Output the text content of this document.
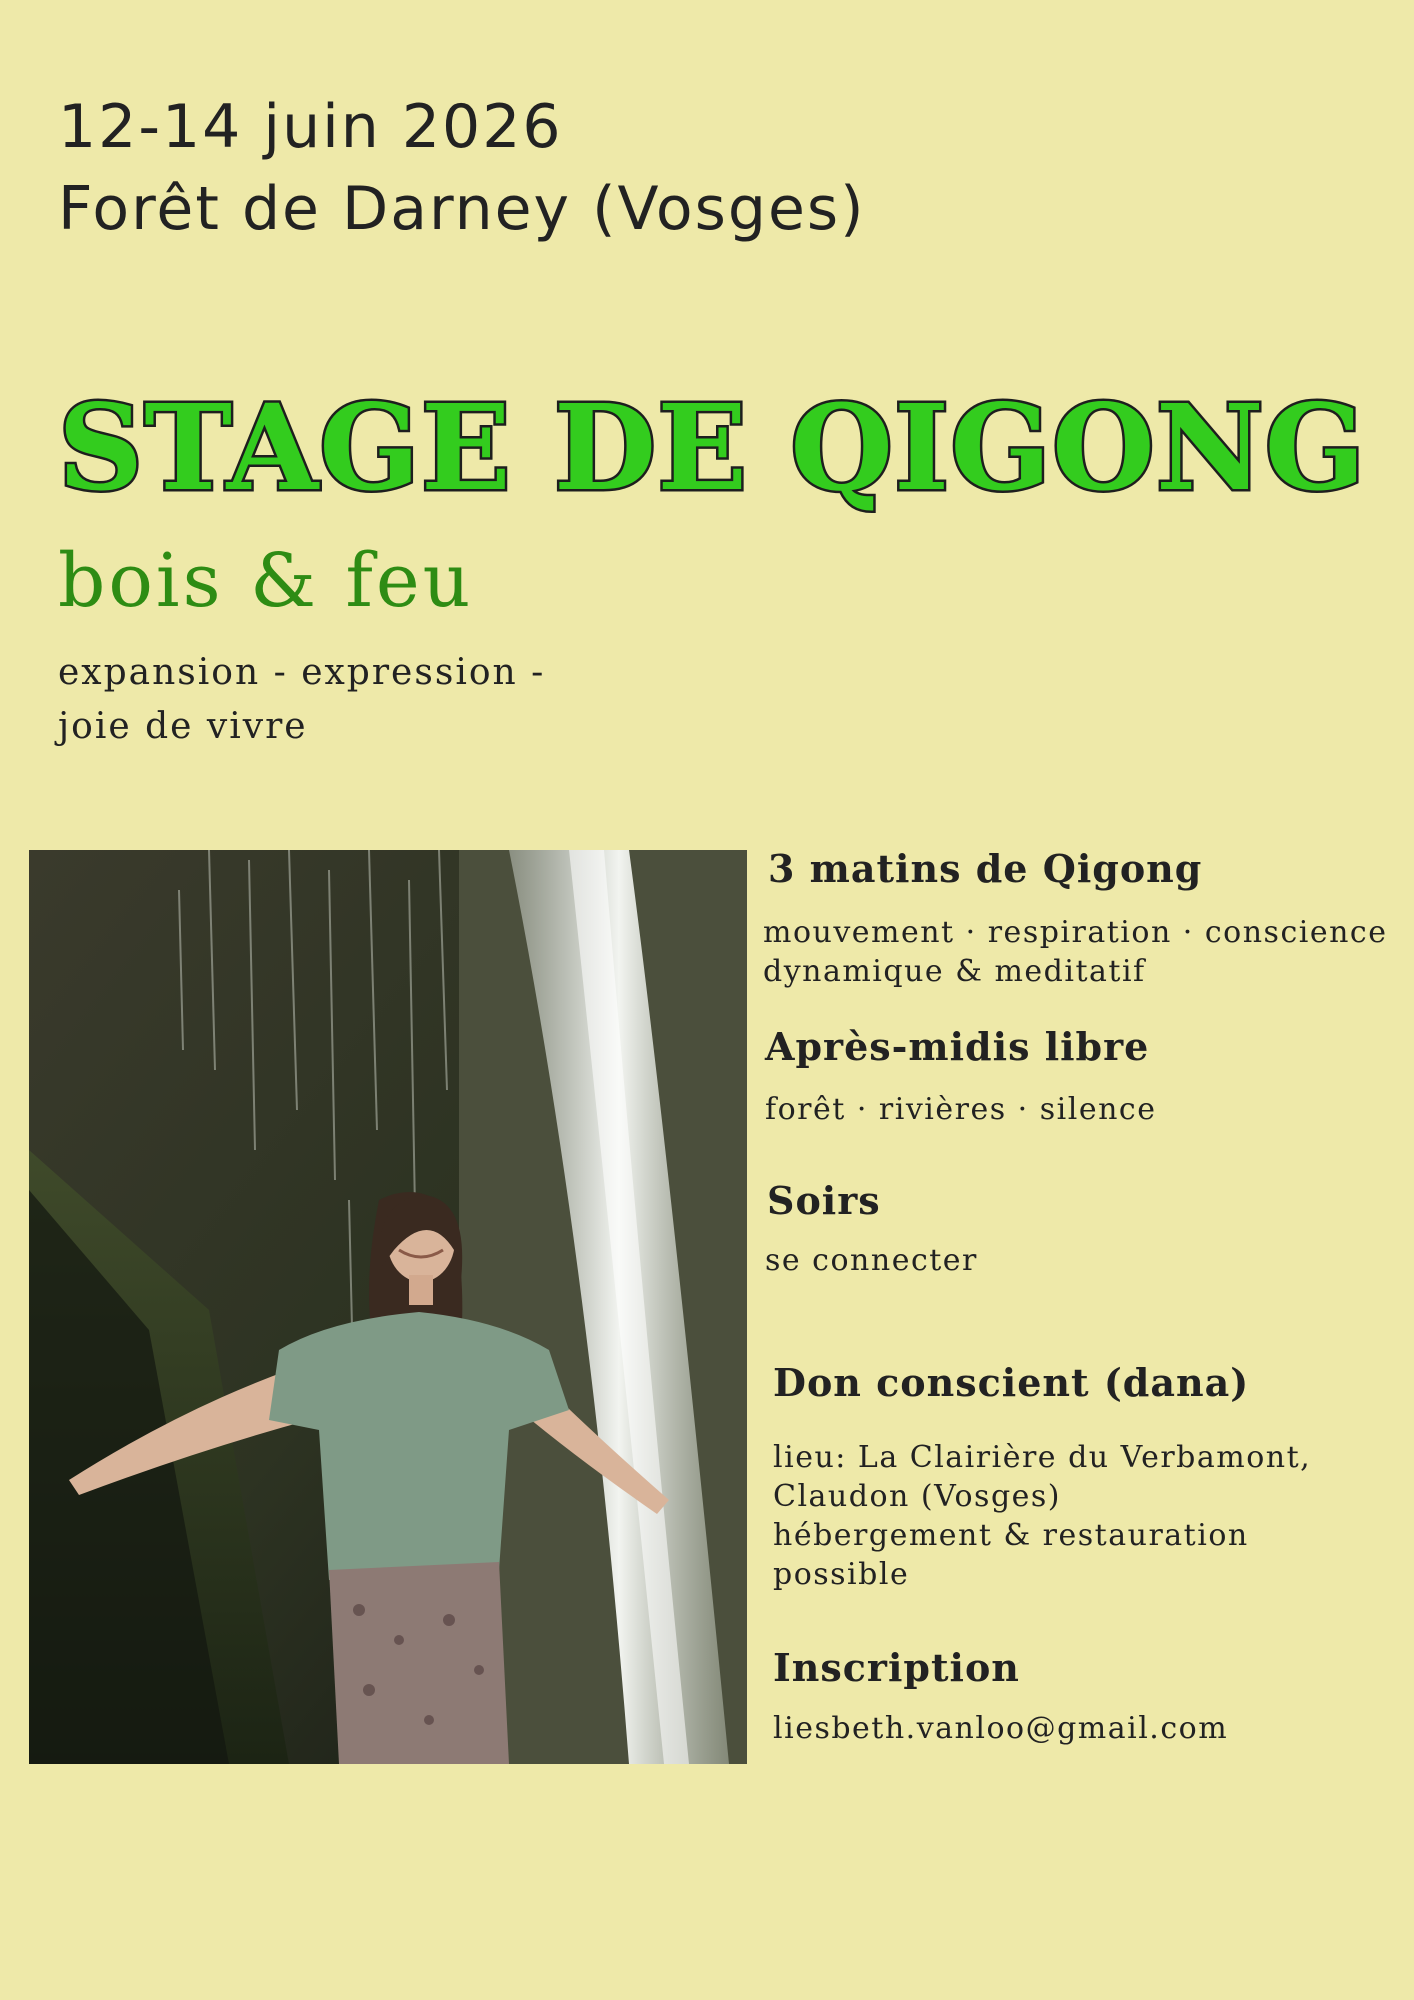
12-14 juin 2026
Forêt de Darney (Vosges)
STAGE DE QIGONG
bois & feu

expansion - expression -
joie de vivre

3 matins de Qigong

mouvement · respiration · conscience
dynamique & meditatif

Après-midis libre

forêt · rivières · silence

Soirs

se connecter

Don conscient (dana)

lieu: La Clairière du Verbamont,
Claudon (Vosges)
hébergement & restauration
possible

Inscription

liesbeth.vanloo@gmail.com
